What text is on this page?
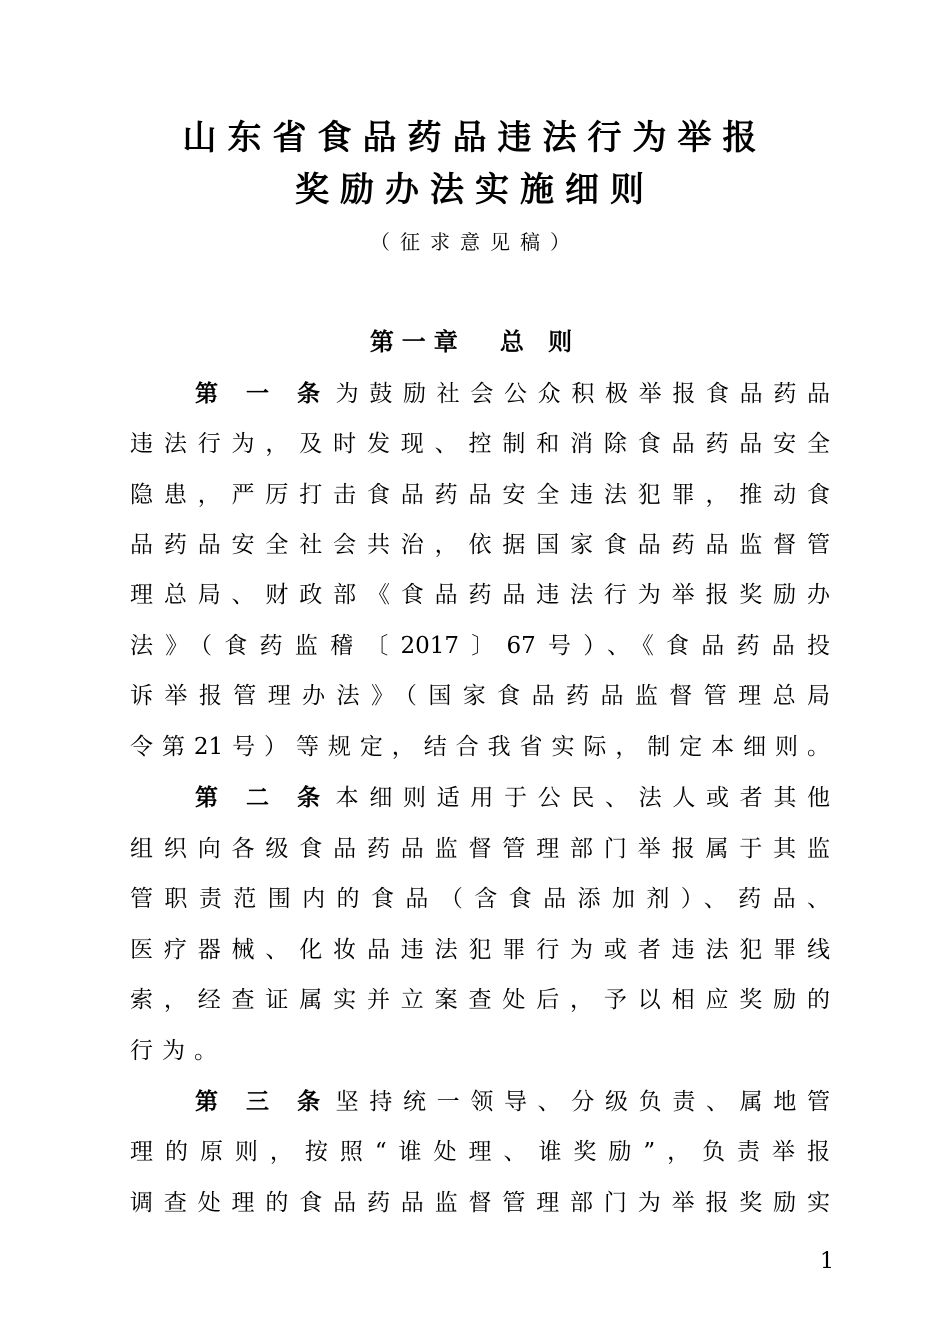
山东省食品药品违法行为举报
奖励办法实施细则
（征求意见稿）
第一章 总 则
第一条 为鼓励社会公众积极举报食品药品
违法行为，及时发现、控制和消除食品药品安全
隐患，严厉打击食品药品安全违法犯罪，推动食
品药品安全社会共治，依据国家食品药品监督管
理总局、财政部《食品药品违法行为举报奖励办
法》（食药监稽〔2017〕67号）、《食品药品投
诉举报管理办法》（国家食品药品监督管理总局
令第21号）等规定，结合我省实际，制定本细则。
第二条 本细则适用于公民、法人或者其他
组织向各级食品药品监督管理部门举报属于其监
管职责范围内的食品（含食品添加剂）、药品、
医疗器械、化妆品违法犯罪行为或者违法犯罪线
索，经查证属实并立案查处后，予以相应奖励的
行为。
第三条 坚持统一领导、分级负责、属地管
理的原则，按照“谁处理、谁奖励”，负责举报
调查处理的食品药品监督管理部门为举报奖励实
1
